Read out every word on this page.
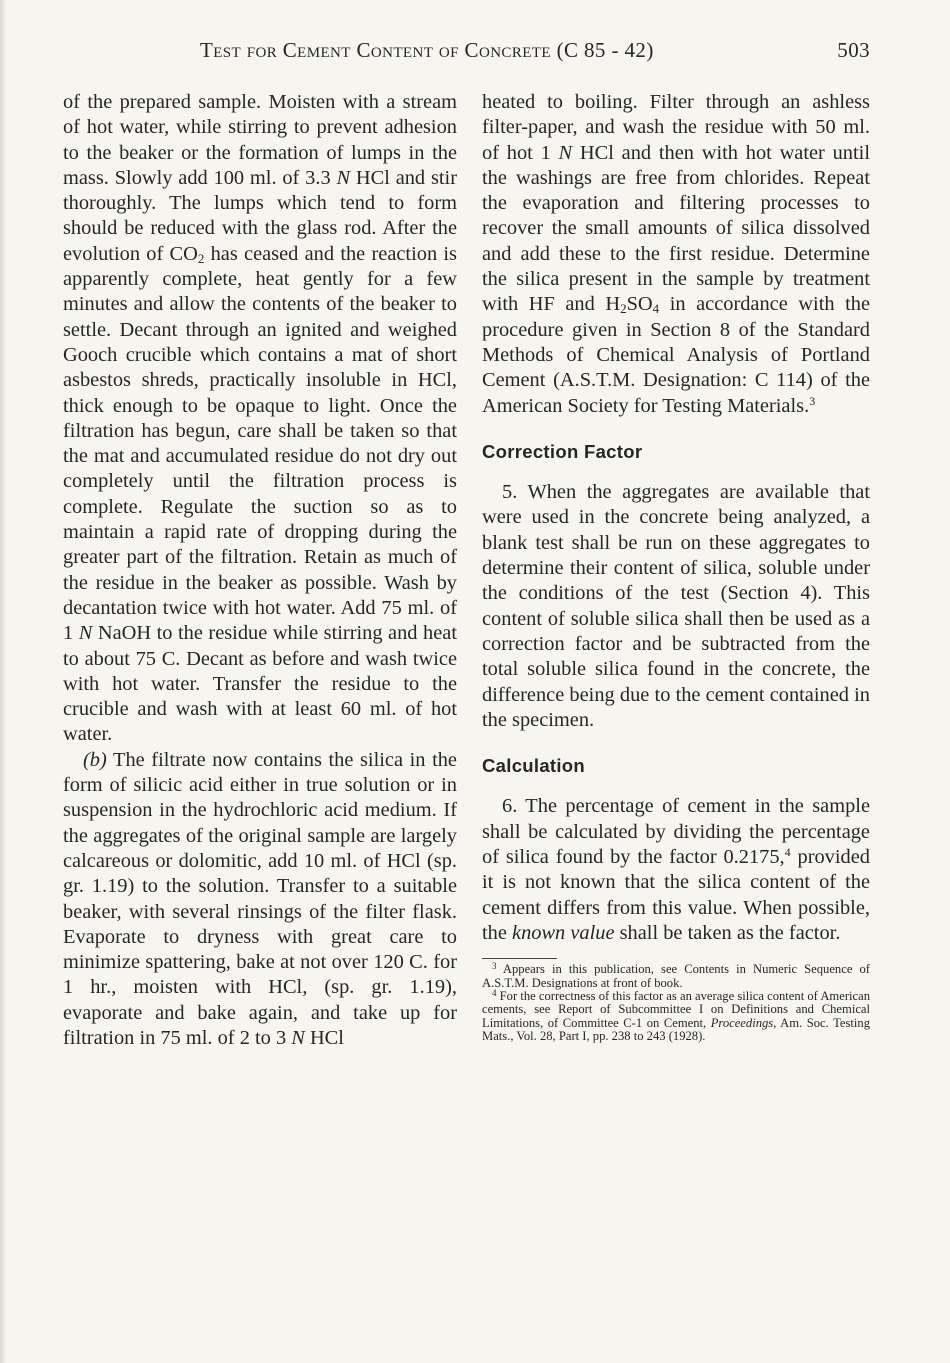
Test for Cement Content of Concrete (C 85 - 42)	503

of the prepared sample. Moisten with a stream of hot water, while stirring to prevent adhesion to the beaker or the formation of lumps in the mass. Slowly add 100 ml. of 3.3 N HCl and stir thoroughly. The lumps which tend to form should be reduced with the glass rod. After the evolution of $CO_2$ has ceased and the reaction is apparently complete, heat gently for a few minutes and allow the contents of the beaker to settle. Decant through an ignited and weighed Gooch crucible which contains a mat of short asbestos shreds, practically insoluble in HCl, thick enough to be opaque to light. Once the filtration has begun, care shall be taken so that the mat and accumulated residue do not dry out completely until the filtration process is complete. Regulate the suction so as to maintain a rapid rate of dropping during the greater part of the filtration. Retain as much of the residue in the beaker as possible. Wash by decantation twice with hot water. Add 75 ml. of 1 N NaOH to the residue while stirring and heat to about 75 C. Decant as before and wash twice with hot water. Transfer the residue to the crucible and wash with at least 60 ml. of hot water.

(b) The filtrate now contains the silica in the form of silicic acid either in true solution or in suspension in the hydrochloric acid medium. If the aggregates of the original sample are largely calcareous or dolomitic, add 10 ml. of HCl (sp. gr. 1.19) to the solution. Transfer to a suitable beaker, with several rinsings of the filter flask. Evaporate to dryness with great care to minimize spattering, bake at not over 120 C. for 1 hr., moisten with HCl, (sp. gr. 1.19), evaporate and bake again, and take up for filtration in 75 ml. of 2 to 3 N HCl

heated to boiling. Filter through an ashless filter-paper, and wash the residue with 50 ml. of hot 1 N HCl and then with hot water until the washings are free from chlorides. Repeat the evaporation and filtering processes to recover the small amounts of silica dissolved and add these to the first residue. Determine the silica present in the sample by treatment with HF and $H_2SO_4$ in accordance with the procedure given in Section 8 of the Standard Methods of Chemical Analysis of Portland Cement (A.S.T.M. Designation: C 114) of the American Society for Testing Materials.$^3$

Correction Factor

5. When the aggregates are available that were used in the concrete being analyzed, a blank test shall be run on these aggregates to determine their content of silica, soluble under the conditions of the test (Section 4). This content of soluble silica shall then be used as a correction factor and be subtracted from the total soluble silica found in the concrete, the difference being due to the cement contained in the specimen.

Calculation

6. The percentage of cement in the sample shall be calculated by dividing the percentage of silica found by the factor 0.2175,$^4$ provided it is not known that the silica content of the cement differs from this value. When possible, the known value shall be taken as the factor.

$^3$ Appears in this publication, see Contents in Numeric Sequence of A.S.T.M. Designations at front of book.

$^4$ For the correctness of this factor as an average silica content of American cements, see Report of Subcommittee I on Definitions and Chemical Limitations, of Committee C-1 on Cement, Proceedings, Am. Soc. Testing Mats., Vol. 28, Part I, pp. 238 to 243 (1928).
